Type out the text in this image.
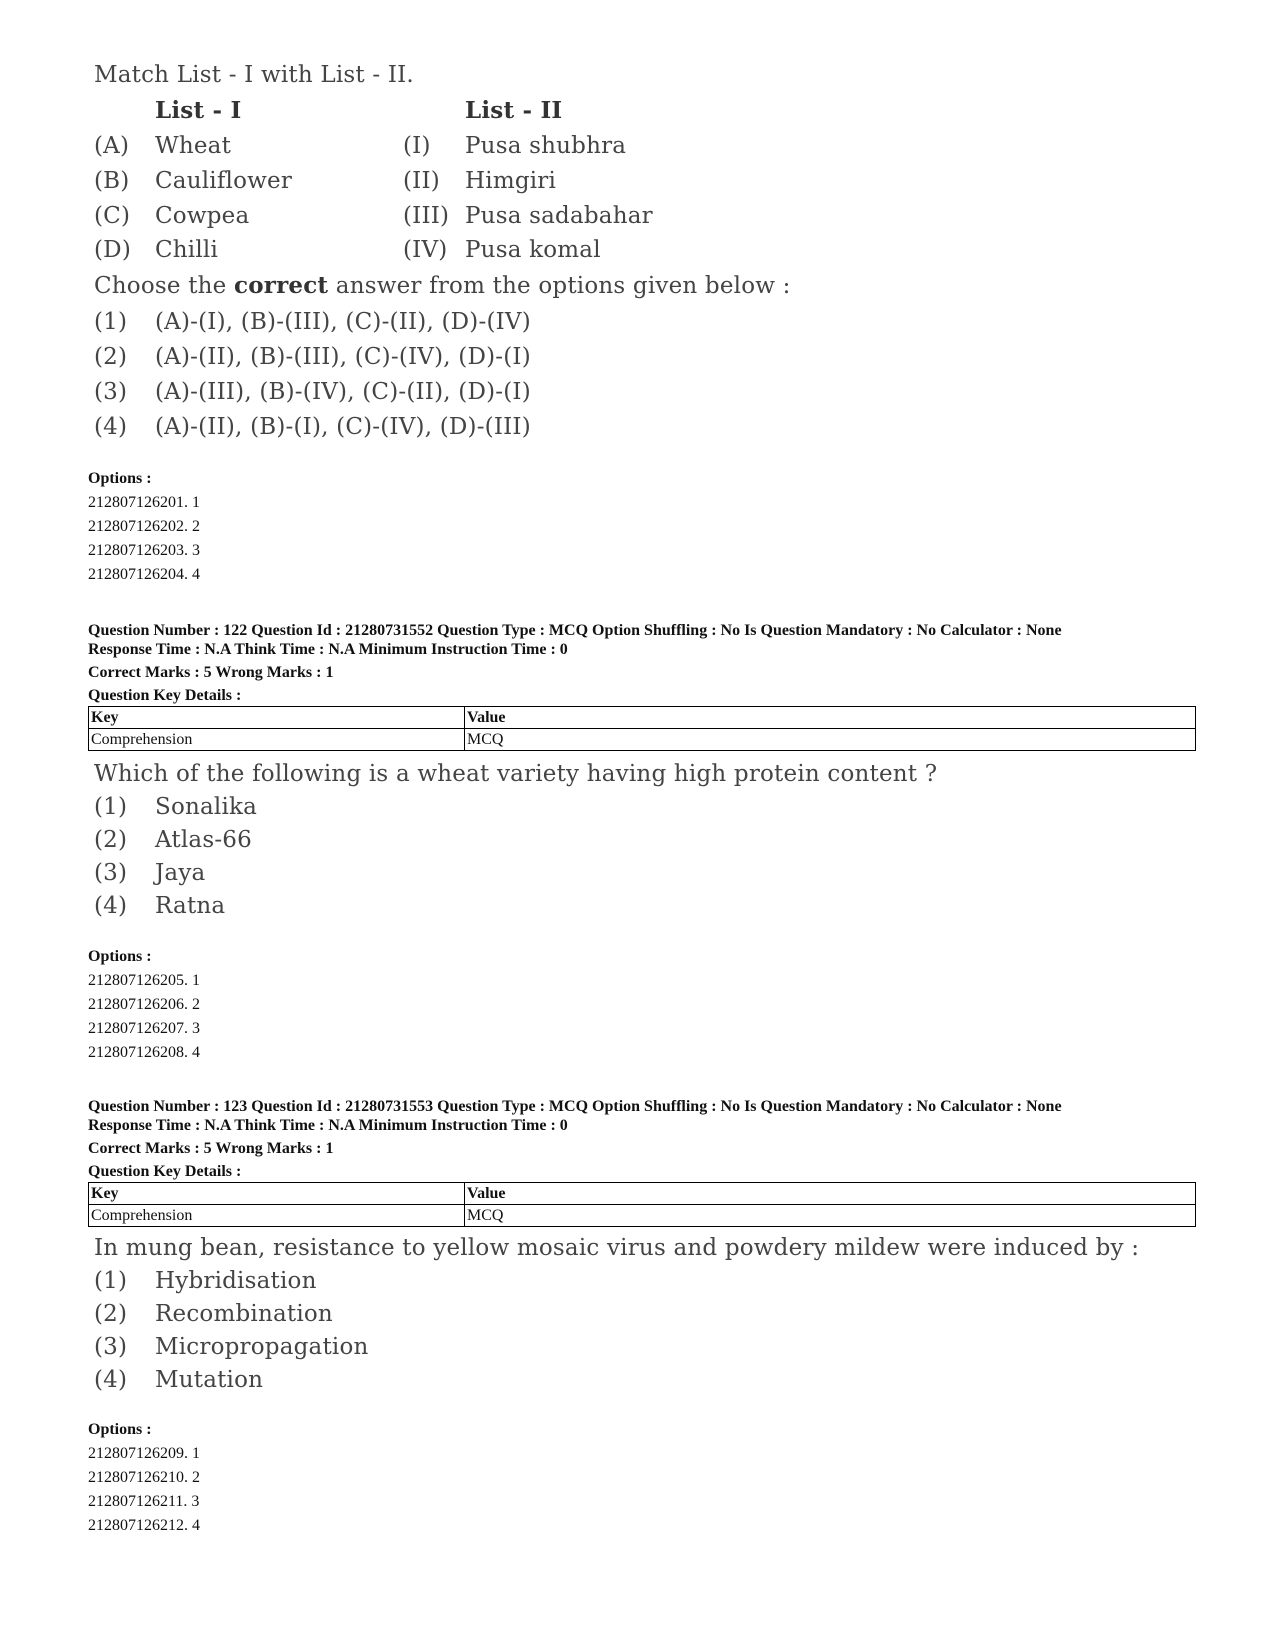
Match List - I with List - II.
List - I	List - II
(A) Wheat	(I) Pusa shubhra
(B) Cauliflower	(II) Himgiri
(C) Cowpea	(III) Pusa sadabahar
(D) Chilli	(IV) Pusa komal
Choose the correct answer from the options given below :
(1) (A)-(I), (B)-(III), (C)-(II), (D)-(IV)
(2) (A)-(II), (B)-(III), (C)-(IV), (D)-(I)
(3) (A)-(III), (B)-(IV), (C)-(II), (D)-(I)
(4) (A)-(II), (B)-(I), (C)-(IV), (D)-(III)
Options :
212807126201. 1
212807126202. 2
212807126203. 3
212807126204. 4
Question Number : 122 Question Id : 21280731552 Question Type : MCQ Option Shuffling : No Is Question Mandatory : No Calculator : None
Response Time : N.A Think Time : N.A Minimum Instruction Time : 0
Correct Marks : 5 Wrong Marks : 1
Question Key Details :
Key	Value
Comprehension	MCQ
Which of the following is a wheat variety having high protein content ?
(1) Sonalika
(2) Atlas-66
(3) Jaya
(4) Ratna
Options :
212807126205. 1
212807126206. 2
212807126207. 3
212807126208. 4
Question Number : 123 Question Id : 21280731553 Question Type : MCQ Option Shuffling : No Is Question Mandatory : No Calculator : None
Response Time : N.A Think Time : N.A Minimum Instruction Time : 0
Correct Marks : 5 Wrong Marks : 1
Question Key Details :
Key	Value
Comprehension	MCQ
In mung bean, resistance to yellow mosaic virus and powdery mildew were induced by :
(1) Hybridisation
(2) Recombination
(3) Micropropagation
(4) Mutation
Options :
212807126209. 1
212807126210. 2
212807126211. 3
212807126212. 4
